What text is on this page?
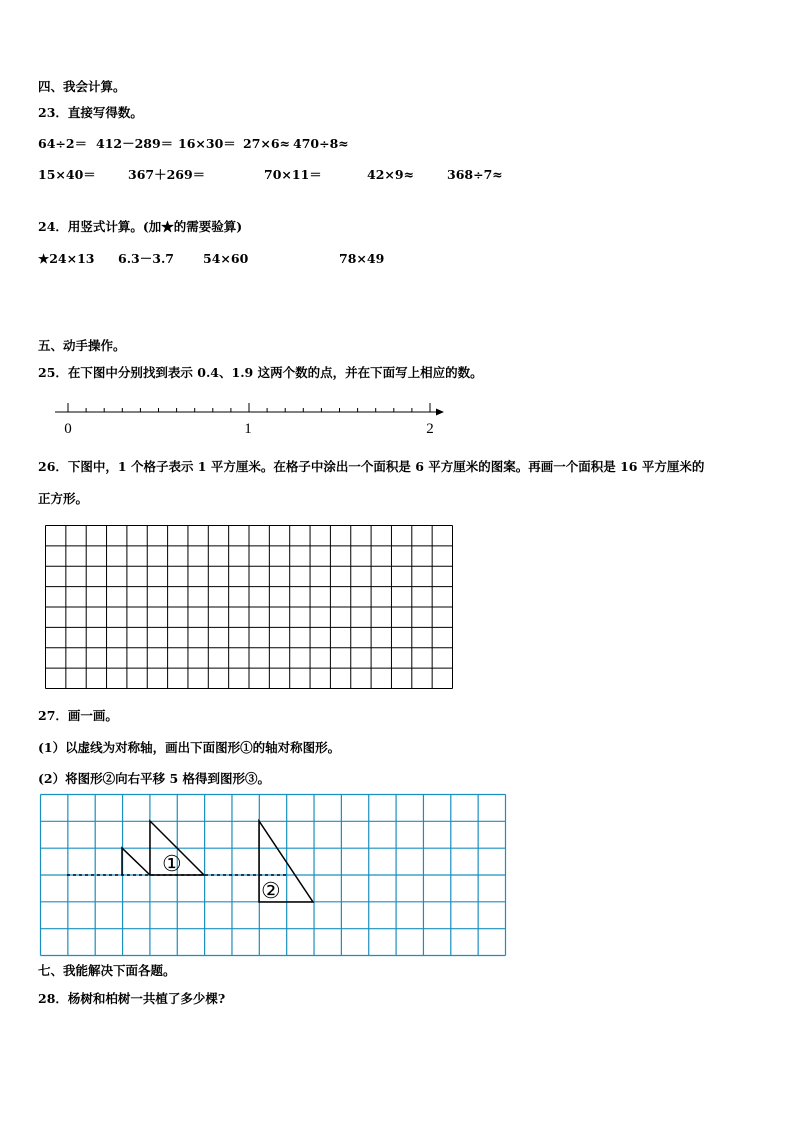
四、我会计算。
23．直接写得数。
64÷2＝ 412－289＝ 16×30＝ 27×6≈ 470÷8≈
15×40＝	367＋269＝	70×11＝	42×9≈	368÷7≈
24．用竖式计算。(加★的需要验算)
★24×13 6.3－3.7 54×60	78×49
五、动手操作。
25．在下图中分别找到表示 0.4、1.9 这两个数的点，并在下面写上相应的数。
0	1	2
26．下图中，1 个格子表示 1 平方厘米。在格子中涂出一个面积是 6 平方厘米的图案。再画一个面积是 16 平方厘米的
正方形。
27．画一画。
(1）以虚线为对称轴，画出下面图形①的轴对称图形。
(2）将图形②向右平移 5 格得到图形③。
①
②
七、我能解决下面各题。
28．杨树和柏树一共植了多少棵?
